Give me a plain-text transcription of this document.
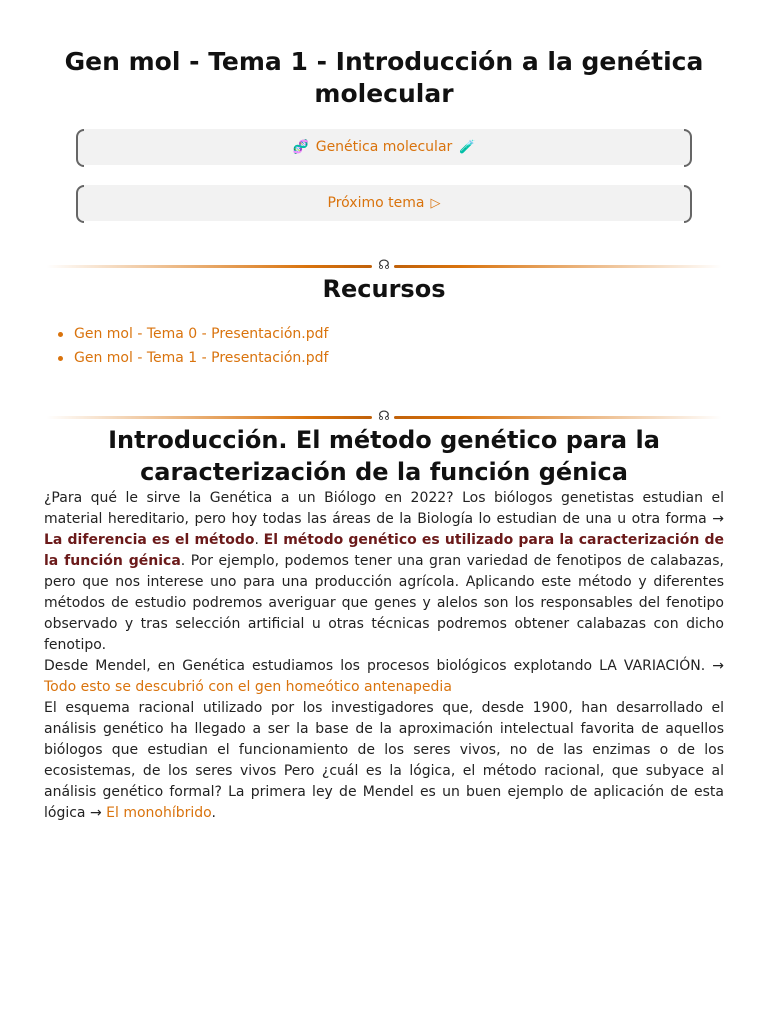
Gen mol - Tema 1 - Introducción a la genética molecular
🧬 Genética molecular 🧪
Próximo tema ▷
☊
Recursos
Gen mol - Tema 0 - Presentación.pdf
Gen mol - Tema 1 - Presentación.pdf
☊
Introducción. El método genético para la caracterización de la función génica

¿Para qué le sirve la Genética a un Biólogo en 2022? Los biólogos genetistas estudian el material hereditario, pero hoy todas las áreas de la Biología lo estudian de una u otra forma → La diferencia es el método. El método genético es utilizado para la caracterización de la función génica. Por ejemplo, podemos tener una gran variedad de fenotipos de calabazas, pero que nos interese uno para una producción agrícola. Aplicando este método y diferentes métodos de estudio podremos averiguar que genes y alelos son los responsables del fenotipo observado y tras selección artificial u otras técnicas podremos obtener calabazas con dicho fenotipo.

Desde Mendel, en Genética estudiamos los procesos biológicos explotando LA VARIACIÓN. → Todo esto se descubrió con el gen homeótico antenapedia

El esquema racional utilizado por los investigadores que, desde 1900, han desarrollado el análisis genético ha llegado a ser la base de la aproximación intelectual favorita de aquellos biólogos que estudian el funcionamiento de los seres vivos, no de las enzimas o de los ecosistemas, de los seres vivos Pero ¿cuál es la lógica, el método racional, que subyace al análisis genético formal? La primera ley de Mendel es un buen ejemplo de aplicación de esta lógica → El monohíbrido.
